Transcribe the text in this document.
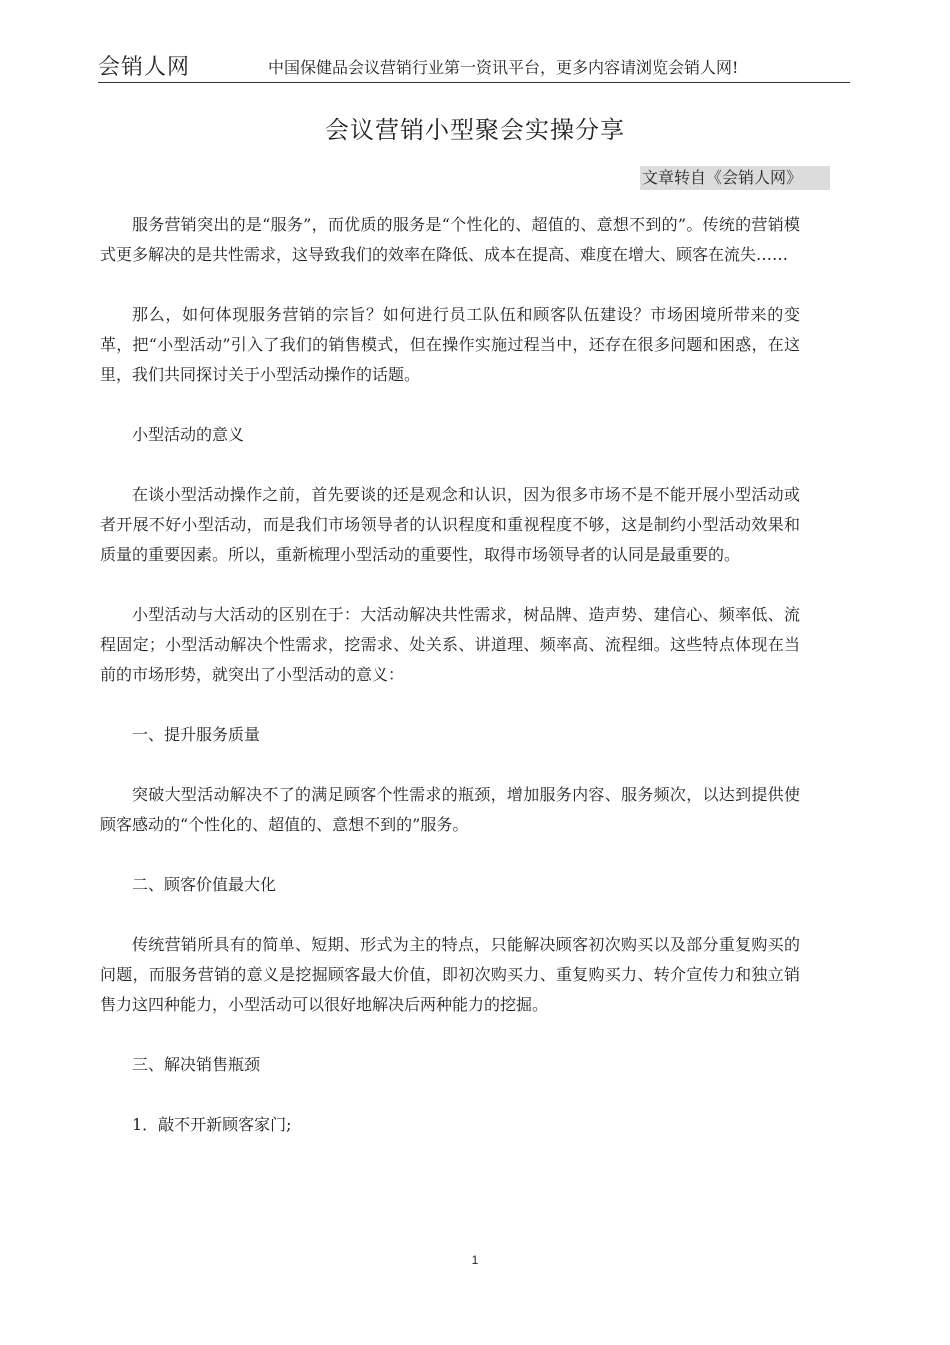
会销人网	中国保健品会议营销行业第一资讯平台，更多内容请浏览会销人网!
会议营销小型聚会实操分享
文章转自《会销人网》

服务营销突出的是“服务”，而优质的服务是“个性化的、超值的、意想不到的”。传统的营销模式更多解决的是共性需求，这导致我们的效率在降低、成本在提高、难度在增大、顾客在流失……

那么，如何体现服务营销的宗旨？如何进行员工队伍和顾客队伍建设？市场困境所带来的变革，把“小型活动”引入了我们的销售模式，但在操作实施过程当中，还存在很多问题和困惑，在这里，我们共同探讨关于小型活动操作的话题。

小型活动的意义

在谈小型活动操作之前，首先要谈的还是观念和认识，因为很多市场不是不能开展小型活动或者开展不好小型活动，而是我们市场领导者的认识程度和重视程度不够，这是制约小型活动效果和质量的重要因素。所以，重新梳理小型活动的重要性，取得市场领导者的认同是最重要的。

小型活动与大活动的区别在于：大活动解决共性需求，树品牌、造声势、建信心、频率低、流程固定；小型活动解决个性需求，挖需求、处关系、讲道理、频率高、流程细。这些特点体现在当前的市场形势，就突出了小型活动的意义：

一、提升服务质量

突破大型活动解决不了的满足顾客个性需求的瓶颈，增加服务内容、服务频次，以达到提供使顾客感动的“个性化的、超值的、意想不到的”服务。

二、顾客价值最大化

传统营销所具有的简单、短期、形式为主的特点，只能解决顾客初次购买以及部分重复购买的问题，而服务营销的意义是挖掘顾客最大价值，即初次购买力、重复购买力、转介宣传力和独立销售力这四种能力，小型活动可以很好地解决后两种能力的挖掘。

三、解决销售瓶颈

1．敲不开新顾客家门;

1
